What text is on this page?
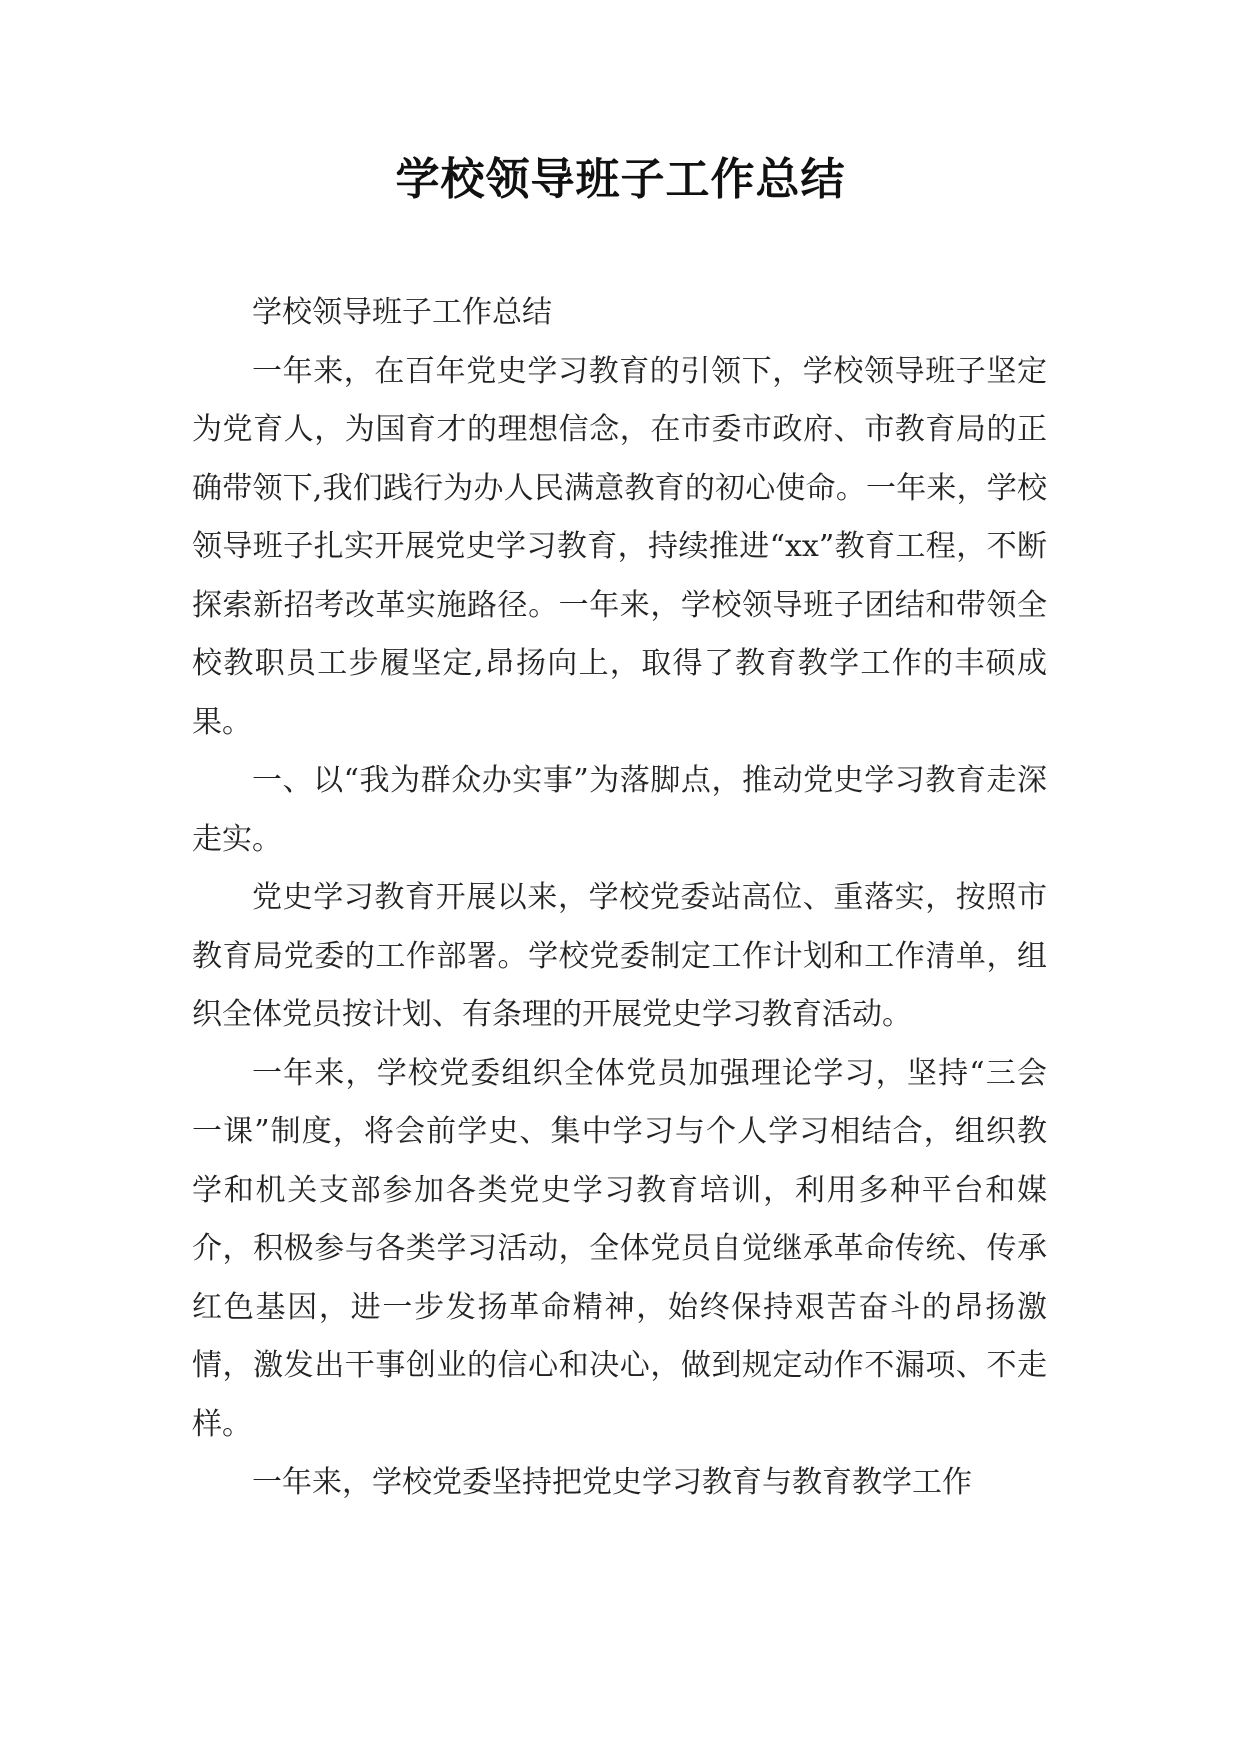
学校领导班子工作总结

学校领导班子工作总结

一年来，在百年党史学习教育的引领下，学校领导班子坚定为党育人，为国育才的理想信念，在市委市政府、市教育局的正确带领下,我们践行为办人民满意教育的初心使命。一年来，学校领导班子扎实开展党史学习教育，持续推进“xx”教育工程，不断探索新招考改革实施路径。一年来，学校领导班子团结和带领全校教职员工步履坚定,昂扬向上，取得了教育教学工作的丰硕成果。

一、以“我为群众办实事”为落脚点，推动党史学习教育走深走实。

党史学习教育开展以来，学校党委站高位、重落实，按照市教育局党委的工作部署。学校党委制定工作计划和工作清单，组织全体党员按计划、有条理的开展党史学习教育活动。

一年来，学校党委组织全体党员加强理论学习，坚持“三会一课”制度，将会前学史、集中学习与个人学习相结合，组织教学和机关支部参加各类党史学习教育培训，利用多种平台和媒介，积极参与各类学习活动，全体党员自觉继承革命传统、传承红色基因，进一步发扬革命精神，始终保持艰苦奋斗的昂扬激情，激发出干事创业的信心和决心，做到规定动作不漏项、不走样。

一年来，学校党委坚持把党史学习教育与教育教学工作
